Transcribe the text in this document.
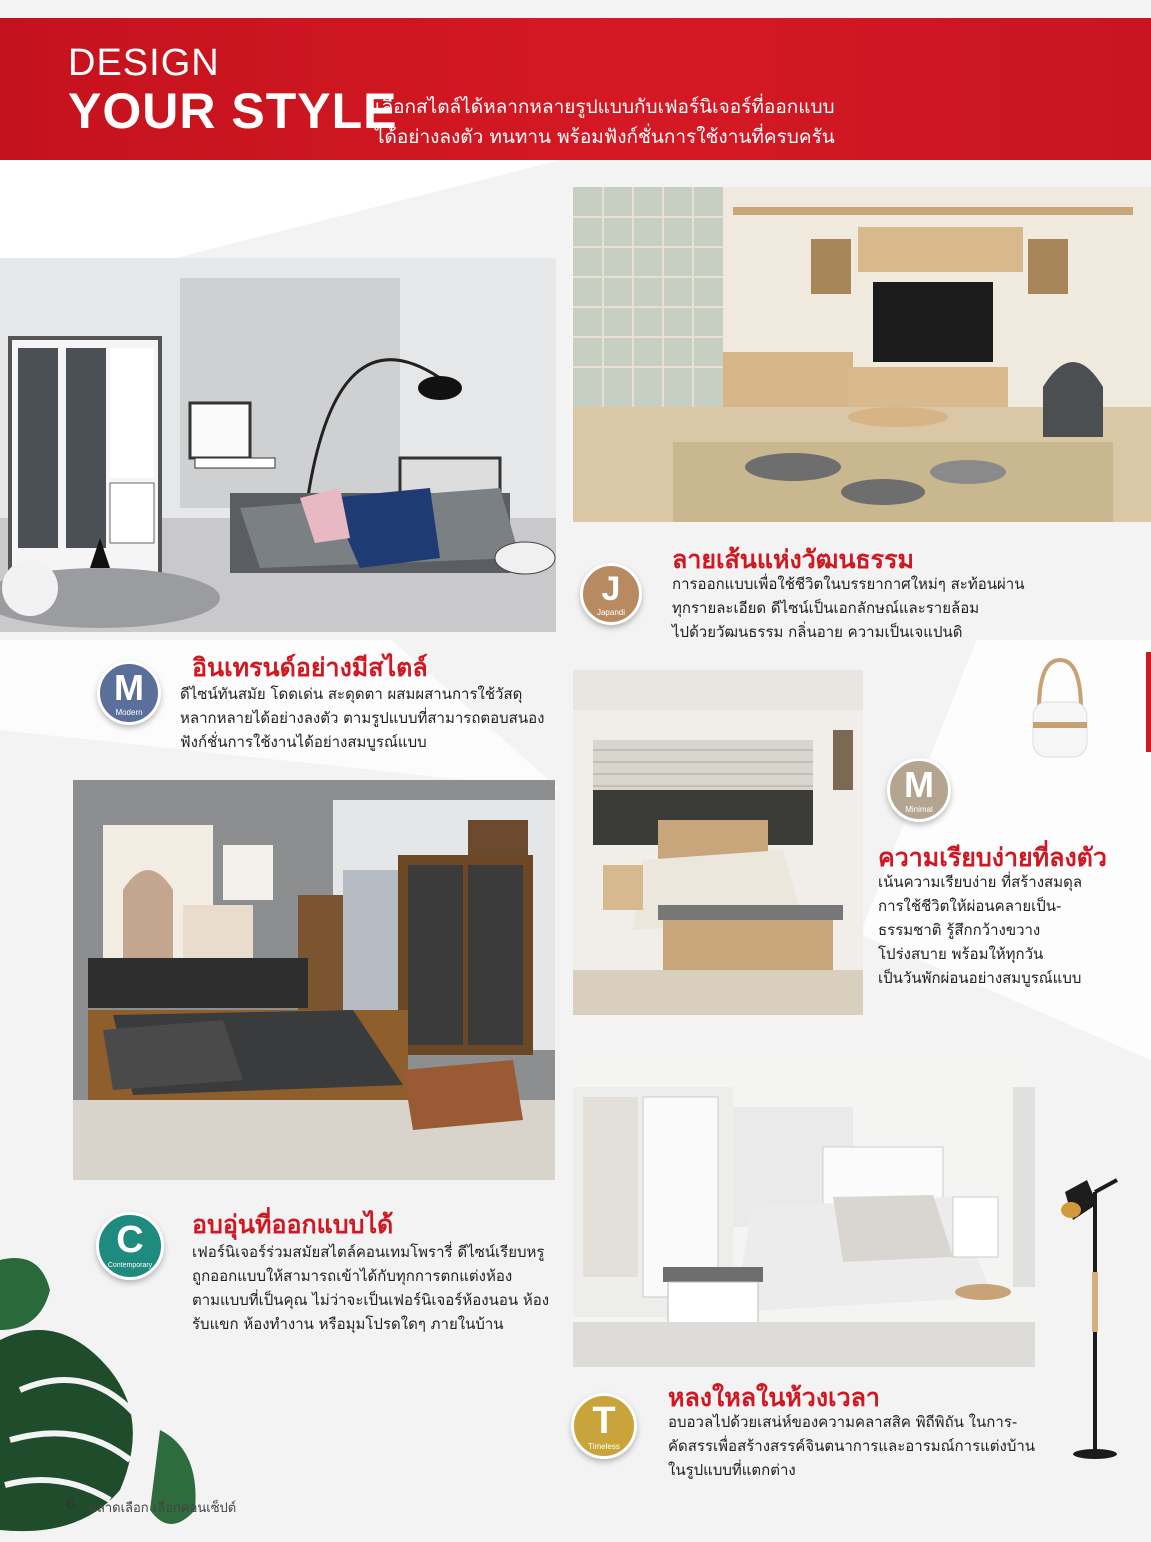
DESIGN
YOUR STYLE
เลือกสไตล์ได้หลากหลายรูปแบบกับเฟอร์นิเจอร์ที่ออกแบบ
ได้อย่างลงตัว ทนทาน พร้อมฟังก์ชั่นการใช้งานที่ครบครัน
J
Japandi
ลายเส้นแห่งวัฒนธรรม
การออกแบบเพื่อใช้ชีวิตในบรรยากาศใหม่ๆ สะท้อนผ่าน
ทุกรายละเอียด ดีไซน์เป็นเอกลักษณ์และรายล้อม
ไปด้วยวัฒนธรรม กลิ่นอาย ความเป็นเจแปนดิ
M
Modern
อินเทรนด์อย่างมีสไตล์
ดีไซน์ทันสมัย โดดเด่น สะดุดตา ผสมผสานการใช้วัสดุ
หลากหลายได้อย่างลงตัว ตามรูปแบบที่สามารถตอบสนอง
ฟังก์ชั่นการใช้งานได้อย่างสมบูรณ์แบบ
M
Minimal
ความเรียบง่ายที่ลงตัว
เน้นความเรียบง่าย ที่สร้างสมดุล
การใช้ชีวิตให้ผ่อนคลายเป็น-
ธรรมชาติ รู้สึกกว้างขวาง
โปร่งสบาย พร้อมให้ทุกวัน
เป็นวันพักผ่อนอย่างสมบูรณ์แบบ
C
Contemporary
อบอุ่นที่ออกแบบได้
เฟอร์นิเจอร์ร่วมสมัยสไตล์คอนเทมโพรารี่ ดีไซน์เรียบหรู
ถูกออกแบบให้สามารถเข้าได้กับทุกการตกแต่งห้อง
ตามแบบที่เป็นคุณ ไม่ว่าจะเป็นเฟอร์นิเจอร์ห้องนอน ห้อง
รับแขก ห้องทำงาน หรือมุมโปรดใดๆ ภายในบ้าน
T
Timeless
หลงใหลในห้วงเวลา
อบอวลไปด้วยเสน่ห์ของความคลาสสิค พิถีพิถัน ในการ-
คัดสรรเพื่อสร้างสรรค์จินตนาการและอารมณ์การแต่งบ้าน
ในรูปแบบที่แตกต่าง
6 ฉลาดเลือก เลือกคอนเซ็ปต์
